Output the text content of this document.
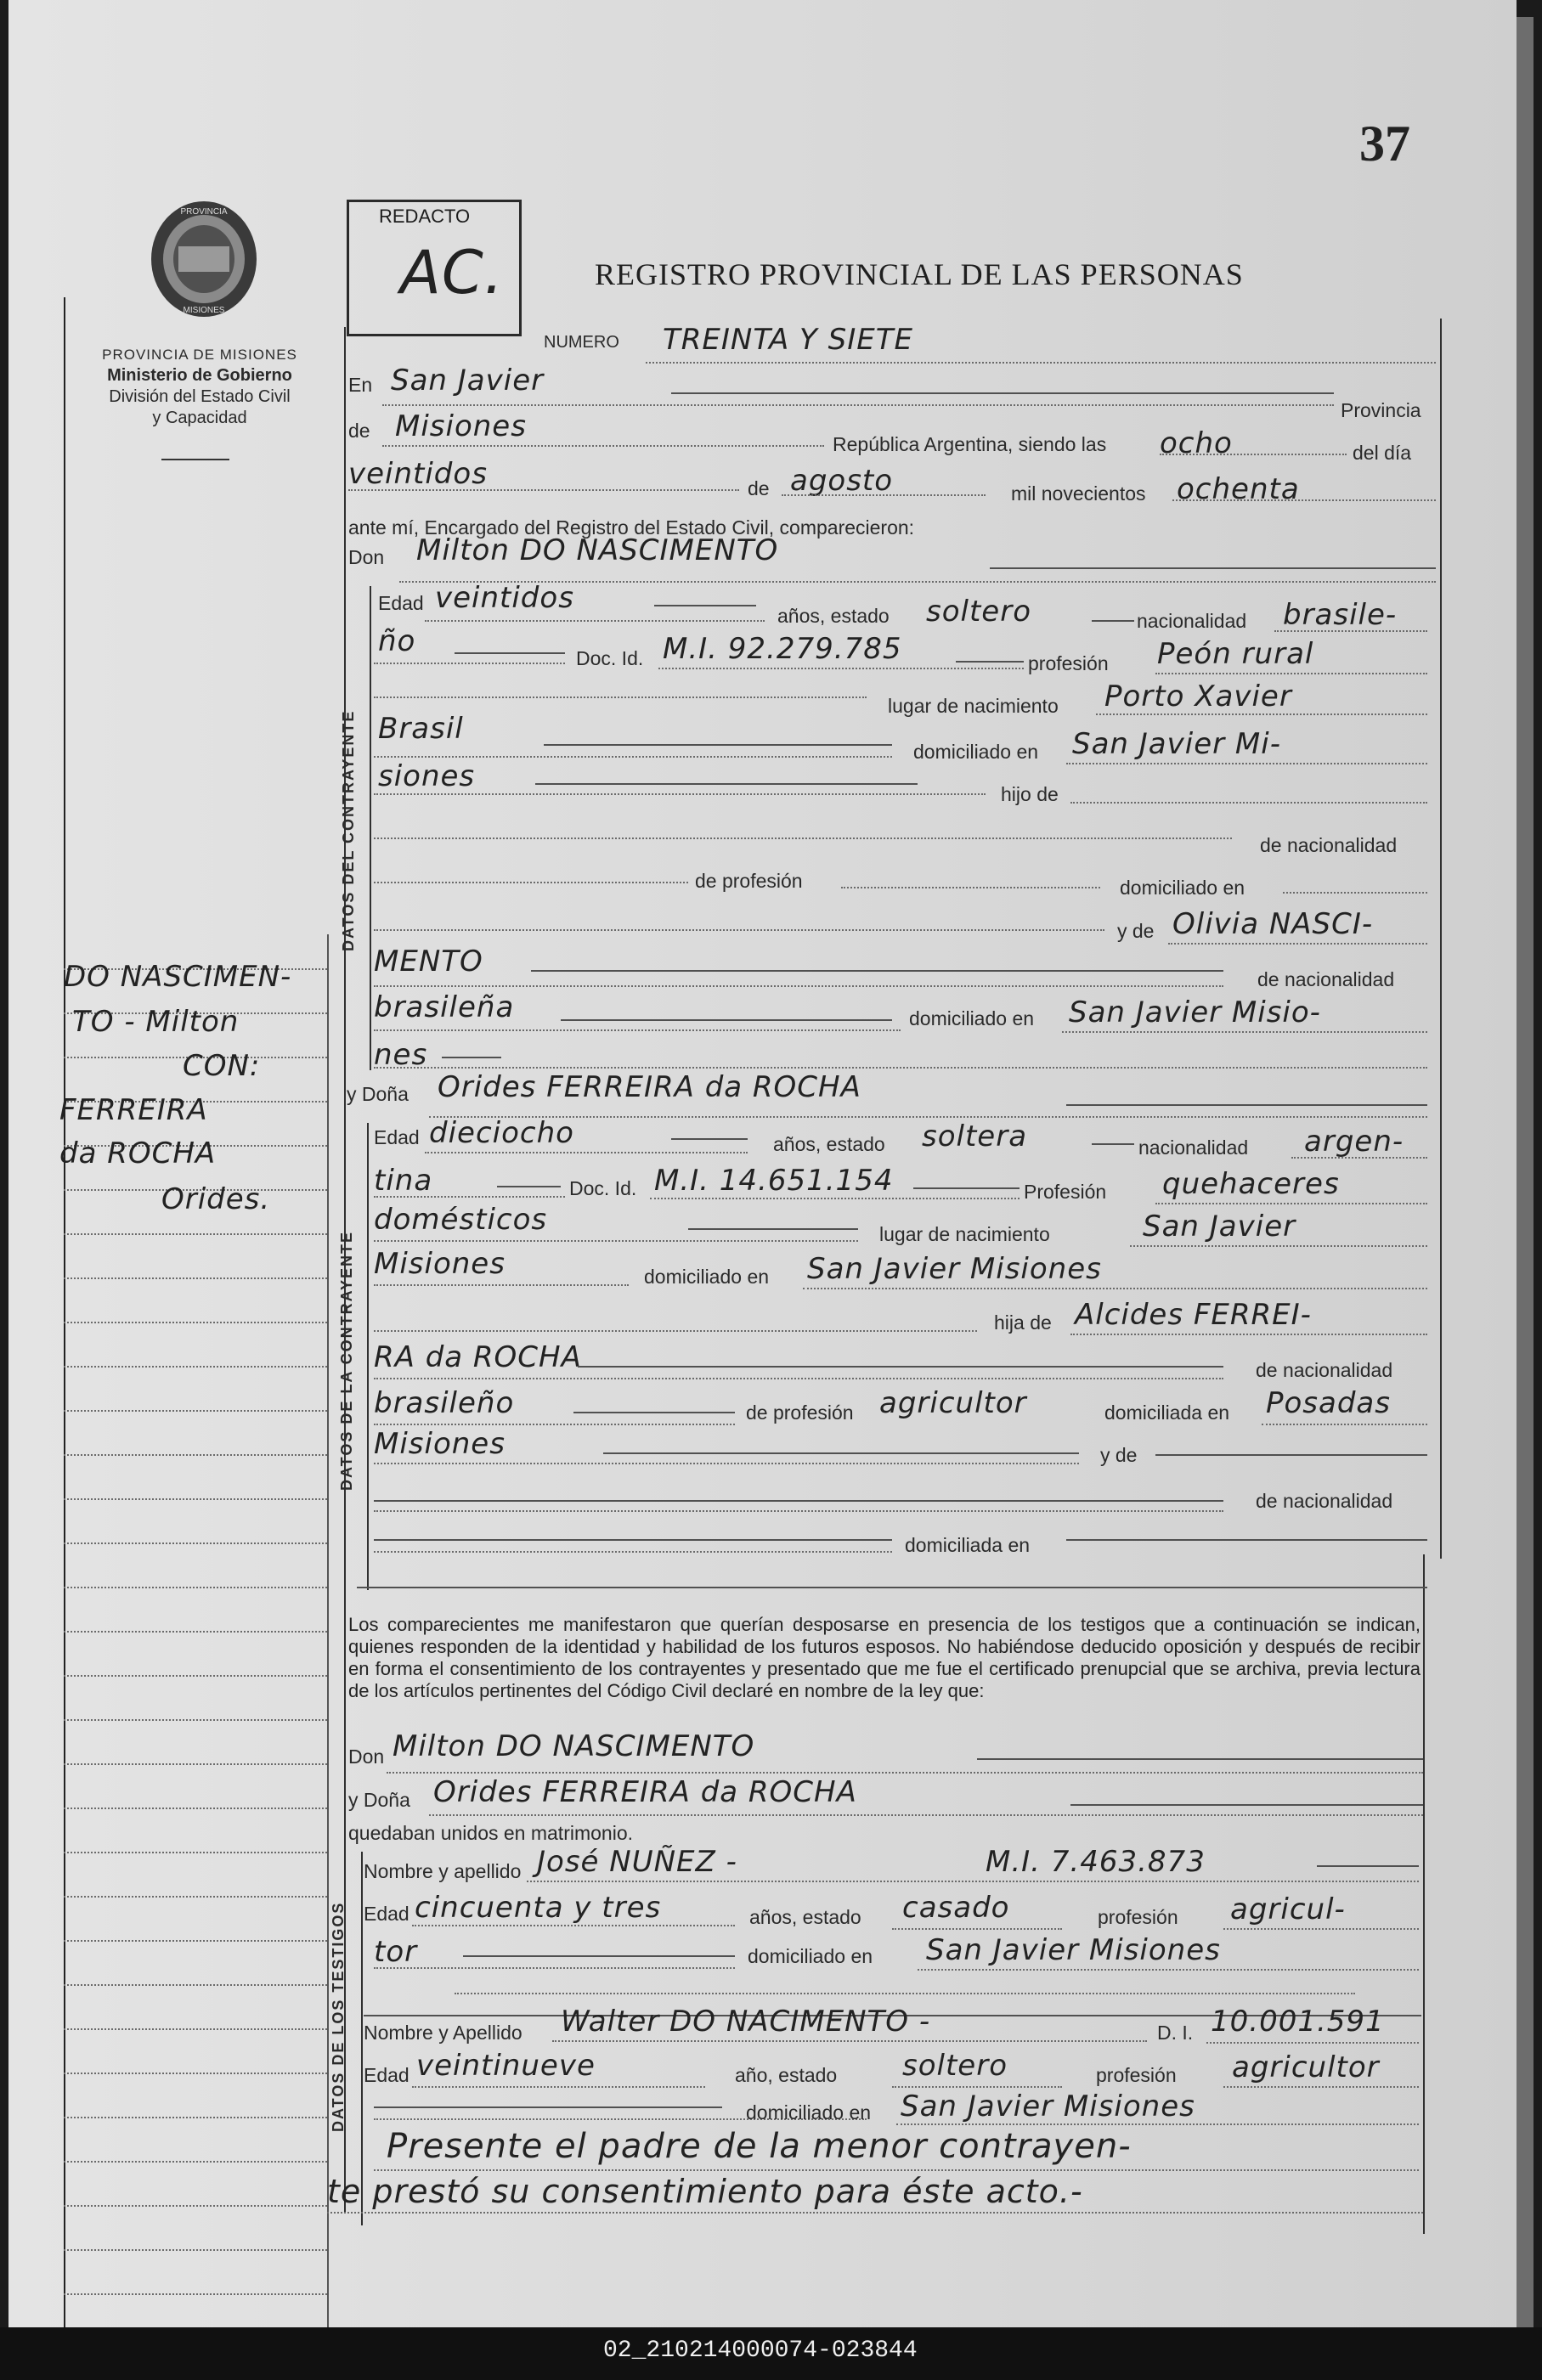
37
PROVINCIA
MISIONES
PROVINCIA DE MISIONES
Ministerio de Gobierno
División del Estado Civil
y Capacidad
REDACTO
AC.	REGISTRO PROVINCIAL DE LAS PERSONAS
DO NASCIMEN-
TO - Milton
CON:
FERREIRA
da ROCHA
Orides.
NUMERO TREINTA Y SIETE
En San Javier
Provincia
de Misiones
República Argentina, siendo las ocho	del día
veintidos	de agosto	mil novecientos ochenta
ante mí, Encargado del Registro del Estado Civil, comparecieron:
Don Milton DO NASCIMENTO
DATOS DEL CONTRAYENTE
Edad veintidos
años, estado soltero	nacionalidad brasile-
ño	Doc. Id. M.I. 92.279.785	profesión Peón rural
lugar de nacimiento Porto Xavier
Brasil
domiciliado en San Javier Mi-
siones
hijo de
de nacionalidad
de profesión	domiciliado en
y de Olivia NASCI-
MENTO
de nacionalidad
brasileña	domiciliado en San Javier Misio-
nes
y Doña Orides FERREIRA da ROCHA
DATOS DE LA CONTRAYENTE
Edad dieciocho	años, estado soltera	nacionalidad argen-
tina	Doc. Id. M.I. 14.651.154	Profesión quehaceres
domésticos	lugar de nacimiento	San Javier
Misiones	domiciliado en San Javier Misiones
hija de Alcides FERREI-
RA da ROCHA	de nacionalidad
brasileño	de profesión agricultor	domiciliada en Posadas
Misiones	y de
de nacionalidad
domiciliada en
Los comparecientes me manifestaron que querían desposarse en presencia de los testigos que a continuación se indican, quienes responden de la identidad y habilidad de los futuros esposos. No habiéndose deducido oposición y después de recibir en forma el consentimiento de los contrayentes y presentado que me fue el certificado prenupcial que se archiva, previa lectura de los artículos pertinentes del Código Civil declaré en nombre de la ley que:
Don Milton DO NASCIMENTO
y Doña Orides FERREIRA da ROCHA
quedaban unidos en matrimonio.
DATOS DE LOS TESTIGOS
Nombre y apellido José NUÑEZ -	M.I. 7.463.873
Edad cincuenta y tres	años, estado casado	profesión agricul-
tor	domiciliado en San Javier Misiones
Nombre y Apellido Walter DO NACIMENTO -	D. I. 10.001.591
Edad veintinueve	año, estado soltero	profesión agricultor
domiciliado en San Javier Misiones
Presente el padre de la menor contrayen-
te prestó su consentimiento para éste acto.-
02_210214000074-023844
